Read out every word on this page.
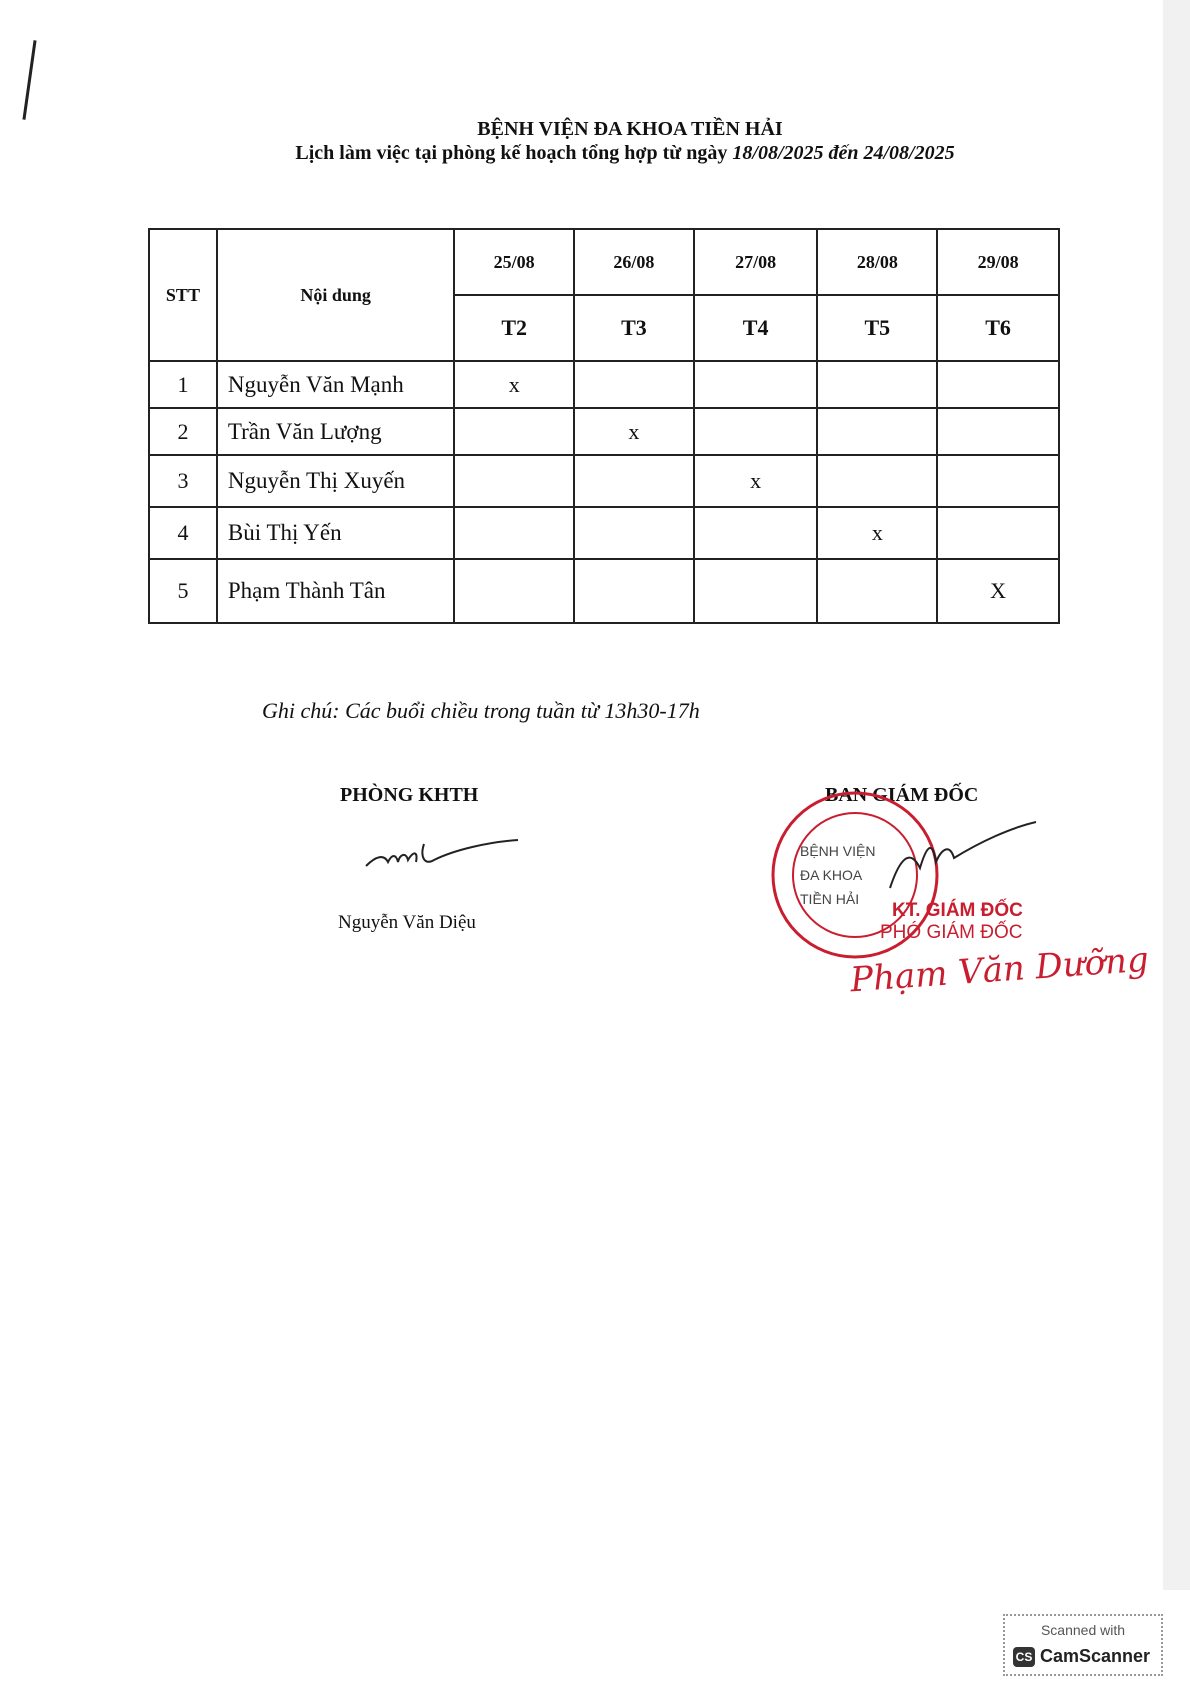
BỆNH VIỆN ĐA KHOA TIỀN HẢI
Lịch làm việc tại phòng kế hoạch tổng hợp từ ngày 18/08/2025 đến 24/08/2025
STT	Nội dung	25/08	26/08	27/08	28/08	29/08
		T2	T3	T4	T5	T6
1	Nguyễn Văn Mạnh	x				
2	Trần Văn Lượng		x			
3	Nguyễn Thị Xuyến			x		
4	Bùi Thị Yến				x	
5	Phạm Thành Tân					X
Ghi chú: Các buổi chiều trong tuần từ 13h30-17h
PHÒNG KHTH
Nguyễn Văn Diệu
BAN GIÁM ĐỐC
BỆNH VIỆN
ĐA KHOA
TIỀN HẢI
KT. GIÁM ĐỐC
PHÓ GIÁM ĐỐC
Phạm Văn Dưỡng
Scanned with
CS CamScanner
